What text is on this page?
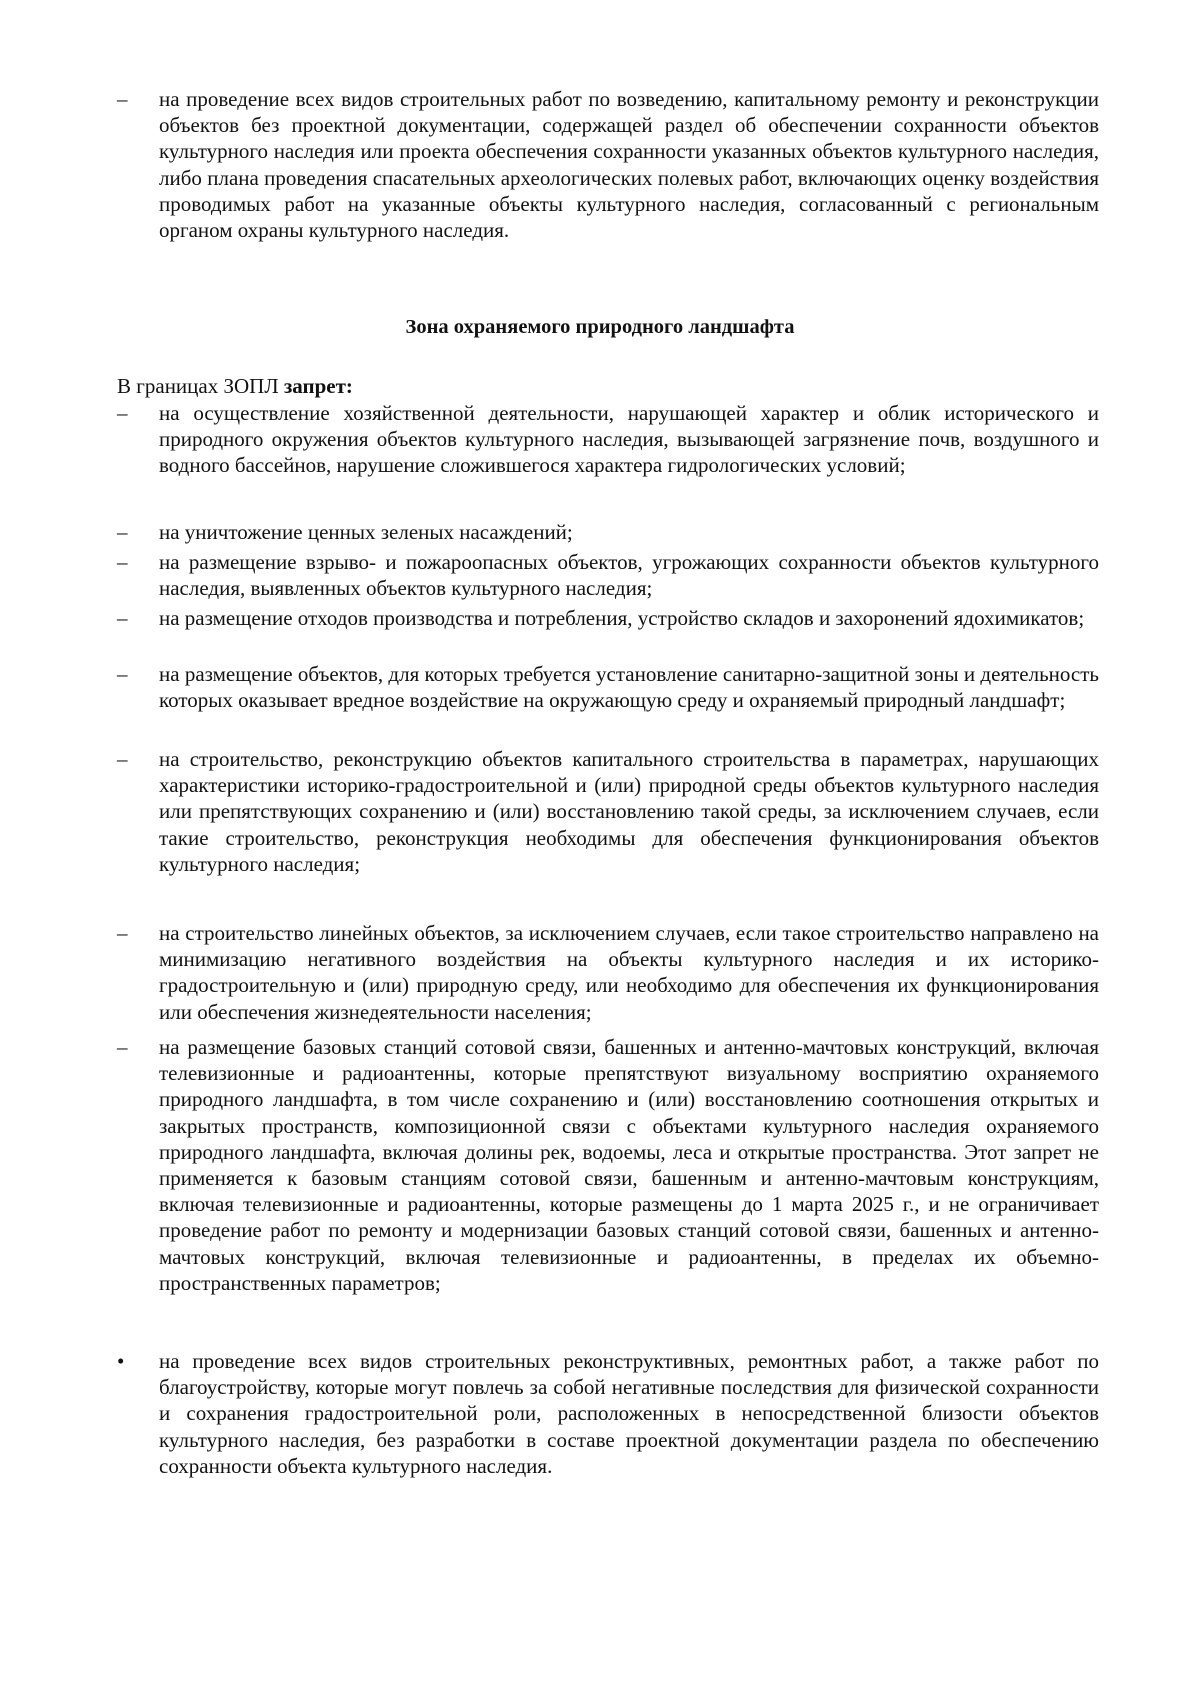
–	на проведение всех видов строительных работ по возведению, капитальному ремонту и реконструкции объектов без проектной документации, содержащей раздел об обеспечении сохранности объектов культурного наследия или проекта обеспечения сохранности указанных объектов культурного наследия, либо плана проведения спасательных археологических полевых работ, включающих оценку воздействия проводимых работ на указанные объекты культурного наследия, согласованный с региональным органом охраны культурного наследия.
Зона охраняемого природного ландшафта
В границах ЗОПЛ запрет:
–	на осуществление хозяйственной деятельности, нарушающей характер и облик исторического и природного окружения объектов культурного наследия, вызывающей загрязнение почв, воздушного и водного бассейнов, нарушение сложившегося характера гидрологических условий;
–	на уничтожение ценных зеленых насаждений;
–	на размещение взрыво- и пожароопасных объектов, угрожающих сохранности объектов культурного наследия, выявленных объектов культурного наследия;
–	на размещение отходов производства и потребления, устройство складов и захоронений ядохимикатов;
–	на размещение объектов, для которых требуется установление санитарно-защитной зоны и деятельность которых оказывает вредное воздействие на окружающую среду и охраняемый природный ландшафт;
–	на строительство, реконструкцию объектов капитального строительства в параметрах, нарушающих характеристики историко-градостроительной и (или) природной среды объектов культурного наследия или препятствующих сохранению и (или) восстановлению такой среды, за исключением случаев, если такие строительство, реконструкция необходимы для обеспечения функционирования объектов культурного наследия;
–	на строительство линейных объектов, за исключением случаев, если такое строительство направлено на минимизацию негативного воздействия на объекты культурного наследия и их историко-градостроительную и (или) природную среду, или необходимо для обеспечения их функционирования или обеспечения жизнедеятельности населения;
–	на размещение базовых станций сотовой связи, башенных и антенно-мачтовых конструкций, включая телевизионные и радиоантенны, которые препятствуют визуальному восприятию охраняемого природного ландшафта, в том числе сохранению и (или) восстановлению соотношения открытых и закрытых пространств, композиционной связи с объектами культурного наследия охраняемого природного ландшафта, включая долины рек, водоемы, леса и открытые пространства. Этот запрет не применяется к базовым станциям сотовой связи, башенным и антенно-мачтовым конструкциям, включая телевизионные и радиоантенны, которые размещены до 1 марта 2025 г., и не ограничивает проведение работ по ремонту и модернизации базовых станций сотовой связи, башенных и антенно-мачтовых конструкций, включая телевизионные и радиоантенны, в пределах их объемно-пространственных параметров;
•	на проведение всех видов строительных реконструктивных, ремонтных работ, а также работ по благоустройству, которые могут повлечь за собой негативные последствия для физической сохранности и сохранения градостроительной роли, расположенных в непосредственной близости объектов культурного наследия, без разработки в составе проектной документации раздела по обеспечению сохранности объекта культурного наследия.
